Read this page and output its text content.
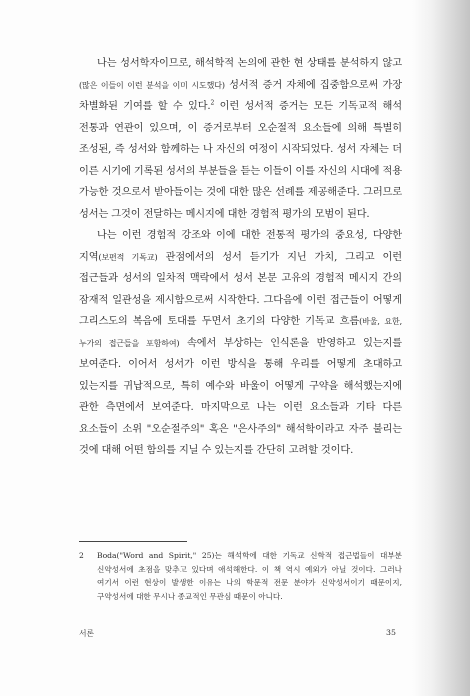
나는 성서학자이므로, 해석학적 논의에 관한 현 상태를 분석하지 않고(많은 이들이 이런 분석을 이미 시도했다) 성서적 증거 자체에 집중함으로써 가장 차별화된 기여를 할 수 있다.$^2$ 이런 성서적 증거는 모든 기독교적 해석 전통과 연관이 있으며, 이 증거로부터 오순절적 요소들에 의해 특별히 조성된, 즉 성서와 함께하는 나 자신의 여정이 시작되었다. 성서 자체는 더 이른 시기에 기록된 성서의 부분들을 듣는 이들이 이를 자신의 시대에 적용 가능한 것으로서 받아들이는 것에 대한 많은 선례를 제공해준다. 그러므로 성서는 그것이 전달하는 메시지에 대한 경험적 평가의 모범이 된다.

나는 이런 경험적 강조와 이에 대한 전통적 평가의 중요성, 다양한 지역(보편적 기독교) 관점에서의 성서 듣기가 지닌 가치, 그리고 이런 접근들과 성서의 일차적 맥락에서 성서 본문 고유의 경험적 메시지 간의 잠재적 일관성을 제시함으로써 시작한다. 그다음에 이런 접근들이 어떻게 그리스도의 복음에 토대를 두면서 초기의 다양한 기독교 흐름(바울, 요한, 누가의 접근들을 포함하여) 속에서 부상하는 인식론을 반영하고 있는지를 보여준다. 이어서 성서가 이런 방식을 통해 우리를 어떻게 초대하고 있는지를 귀납적으로, 특히 예수와 바울이 어떻게 구약을 해석했는지에 관한 측면에서 보여준다. 마지막으로 나는 이런 요소들과 기타 다른 요소들이 소위 "오순절주의" 혹은 "은사주의" 해석학이라고 자주 불리는 것에 대해 어떤 함의를 지닐 수 있는지를 간단히 고려할 것이다.

2	Boda("Word and Spirit," 25)는 해석학에 대한 기독교 신학적 접근법들이 대부분 신약성서에 초점을 맞추고 있다며 애석해한다. 이 책 역시 예외가 아닐 것이다. 그러나 여기서 이런 현상이 발생한 이유는 나의 학문적 전문 분야가 신약성서이기 때문이지, 구약성서에 대한 무시나 종교적인 무관심 때문이 아니다.
서론	35
